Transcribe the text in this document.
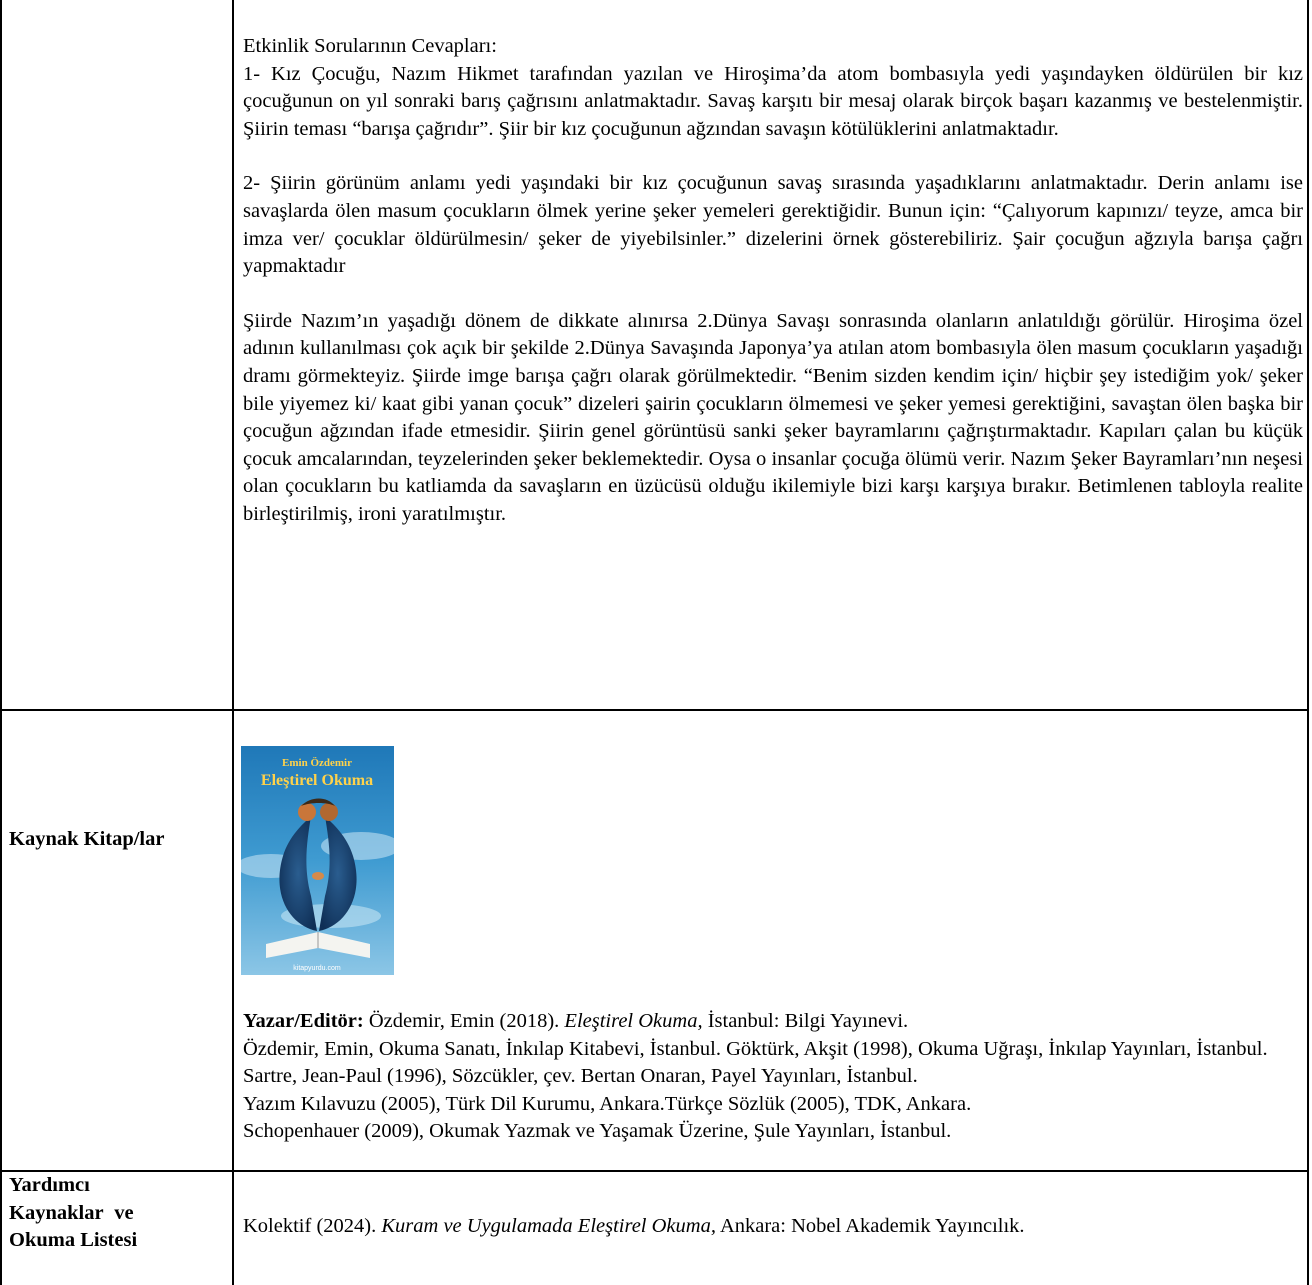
Etkinlik Sorularının Cevapları:

1- Kız Çocuğu, Nazım Hikmet tarafından yazılan ve Hiroşima’da atom bombasıyla yedi yaşındayken öldürülen bir kız çocuğunun on yıl sonraki barış çağrısını anlatmaktadır. Savaş karşıtı bir mesaj olarak birçok başarı kazanmış ve bestelenmiştir. Şiirin teması “barışa çağrıdır”. Şiir bir kız çocuğunun ağzından savaşın kötülüklerini anlatmaktadır.

2- Şiirin görünüm anlamı yedi yaşındaki bir kız çocuğunun savaş sırasında yaşadıklarını anlatmaktadır. Derin anlamı ise savaşlarda ölen masum çocukların ölmek yerine şeker yemeleri gerektiğidir. Bunun için: “Çalıyorum kapınızı/ teyze, amca bir imza ver/ çocuklar öldürülmesin/ şeker de yiyebilsinler.” dizelerini örnek gösterebiliriz. Şair çocuğun ağzıyla barışa çağrı yapmaktadır

Şiirde Nazım’ın yaşadığı dönem de dikkate alınırsa 2.Dünya Savaşı sonrasında olanların anlatıldığı görülür. Hiroşima özel adının kullanılması çok açık bir şekilde 2.Dünya Savaşında Japonya’ya atılan atom bombasıyla ölen masum çocukların yaşadığı dramı görmekteyiz. Şiirde imge barışa çağrı olarak görülmektedir. “Benim sizden kendim için/ hiçbir şey istediğim yok/ şeker bile yiyemez ki/ kaat gibi yanan çocuk” dizeleri şairin çocukların ölmemesi ve şeker yemesi gerektiğini, savaştan ölen başka bir çocuğun ağzından ifade etmesidir. Şiirin genel görüntüsü sanki şeker bayramlarını çağrıştırmaktadır. Kapıları çalan bu küçük çocuk amcalarından, teyzelerinden şeker beklemektedir. Oysa o insanlar çocuğa ölümü verir. Nazım Şeker Bayramları’nın neşesi olan çocukların bu katliamda da savaşların en üzücüsü olduğu ikilemiyle bizi karşı karşıya bırakır. Betimlenen tabloyla realite birleştirilmiş, ironi yaratılmıştır.

Kaynak Kitap/lar
Emin Özdemir
Eleştirel Okuma
kitapyurdu.com

Yazar/Editör: Özdemir, Emin (2018). Eleştirel Okuma, İstanbul: Bilgi Yayınevi.

Özdemir, Emin, Okuma Sanatı, İnkılap Kitabevi, İstanbul. Göktürk, Akşit (1998), Okuma Uğraşı, İnkılap Yayınları, İstanbul.

Sartre, Jean-Paul (1996), Sözcükler, çev. Bertan Onaran, Payel Yayınları, İstanbul.

Yazım Kılavuzu (2005), Türk Dil Kurumu, Ankara.Türkçe Sözlük (2005), TDK, Ankara.

Schopenhauer (2009), Okumak Yazmak ve Yaşamak Üzerine, Şule Yayınları, İstanbul.

Yardımcı
Kaynaklar ve
Okuma Listesi
Kolektif (2024). Kuram ve Uygulamada Eleştirel Okuma, Ankara: Nobel Akademik Yayıncılık.
